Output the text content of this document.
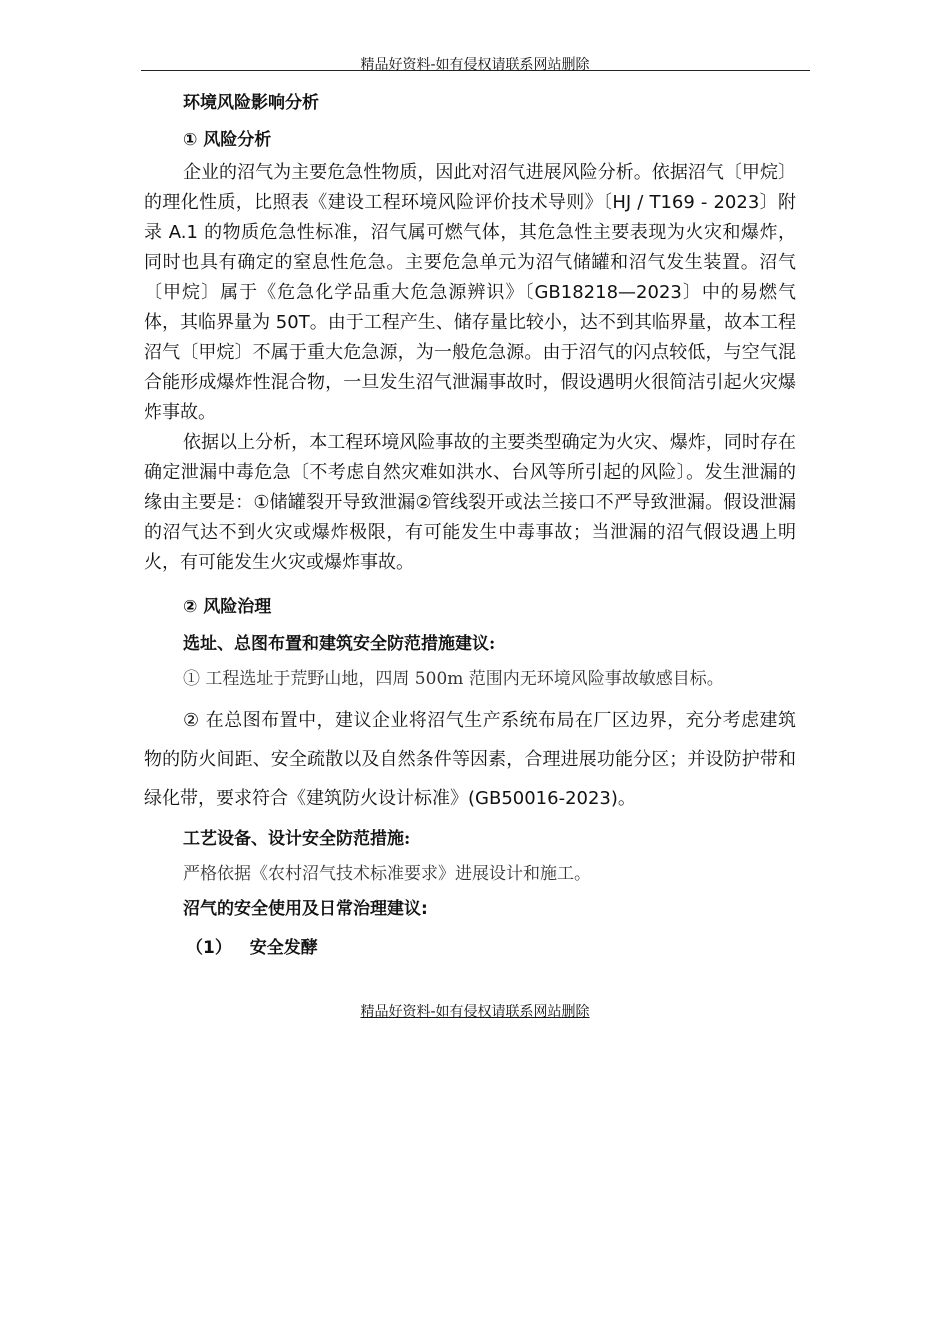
精品好资料-如有侵权请联系网站删除

环境风险影响分析

① 风险分析

企业的沼气为主要危急性物质，因此对沼气进展风险分析。依据沼气〔甲烷〕的理化性质，比照表《建设工程环境风险评价技术导则》〔HJ / T169 - 2023〕附录 A.1 的物质危急性标准，沼气属可燃气体，其危急性主要表现为火灾和爆炸，同时也具有确定的窒息性危急。主要危急单元为沼气储罐和沼气发生装置。沼气〔甲烷〕属于《危急化学品重大危急源辨识》〔GB18218—2023〕中的易燃气体，其临界量为 50T。由于工程产生、储存量比较小，达不到其临界量，故本工程沼气〔甲烷〕不属于重大危急源，为一般危急源。由于沼气的闪点较低，与空气混合能形成爆炸性混合物，一旦发生沼气泄漏事故时，假设遇明火很简洁引起火灾爆炸事故。

依据以上分析，本工程环境风险事故的主要类型确定为火灾、爆炸，同时存在确定泄漏中毒危急〔不考虑自然灾难如洪水、台风等所引起的风险〕。发生泄漏的缘由主要是：①储罐裂开导致泄漏②管线裂开或法兰接口不严导致泄漏。假设泄漏的沼气达不到火灾或爆炸极限，有可能发生中毒事故；当泄漏的沼气假设遇上明火，有可能发生火灾或爆炸事故。

② 风险治理

选址、总图布置和建筑安全防范措施建议:

① 工程选址于荒野山地，四周 500m 范围内无环境风险事故敏感目标。

② 在总图布置中，建议企业将沼气生产系统布局在厂区边界，充分考虑建筑物的防火间距、安全疏散以及自然条件等因素，合理进展功能分区；并设防护带和绿化带，要求符合《建筑防火设计标准》(GB50016-2023)。

工艺设备、设计安全防范措施:

严格依据《农村沼气技术标准要求》进展设计和施工。

沼气的安全使用及日常治理建议:

（1） 安全发酵

精品好资料-如有侵权请联系网站删除
